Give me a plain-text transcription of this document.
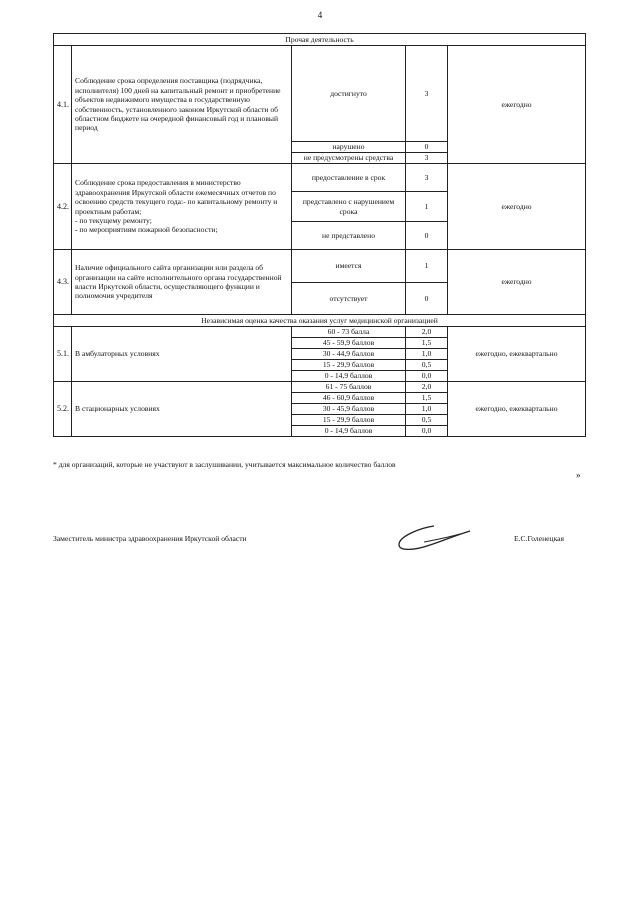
4
Прочая деятельность				
4.1.	Соблюдение срока определения поставщика (подрядчика, исполнителя) 100 дней на капитальный ремонт и приобретение объектов недвижимого имущества в государственную собственность, установленного законом Иркутской области об областном бюджете на очередной финансовый год и плановый период	достигнуто	3	ежегодно
		нарушено	0	
		не предусмотрены средства	3	
4.2.	Соблюдение срока предоставления в министерство здравоохранения Иркутской области ежемесячных отчетов по освоению средств текущего года:- по капитальному ремонту и проектным работам;
- по текущему ремонту;
- по мероприятиям пожарной безопасности;	предоставление в срок	3	ежегодно
		представлено с нарушением срока	1	
		не представлено	0	
4.3.	Наличие официального сайта организации или раздела об организации на сайте исполнительного органа государственной власти Иркутской области, осуществляющего функции и полномочия учредителя	имеется	1	ежегодно
		отсутствует	0	
Независимая оценка качества оказания услуг медицинской организацией				
5.1.	В амбулаторных условиях	60 - 73 балла	2,0	ежегодно, ежеквартально
		45 - 59,9 баллов	1,5	
		30 - 44,9 баллов	1,0	
		15 - 29,9 баллов	0,5	
		0 - 14,9 баллов	0,0	
5.2.	В стационарных условиях	61 - 75 баллов	2,0	ежегодно, ежеквартально
		46 - 60,9 баллов	1,5	
		30 - 45,9 баллов	1,0	
		15 - 29,9 баллов	0,5	
		0 - 14,9 баллов	0,0	
* для организаций, которые не участвуют в заслушивании, учитывается максимальное количество баллов
»
Заместитель министра здравоохранения Иркутской области	Е.С.Голенецкая
